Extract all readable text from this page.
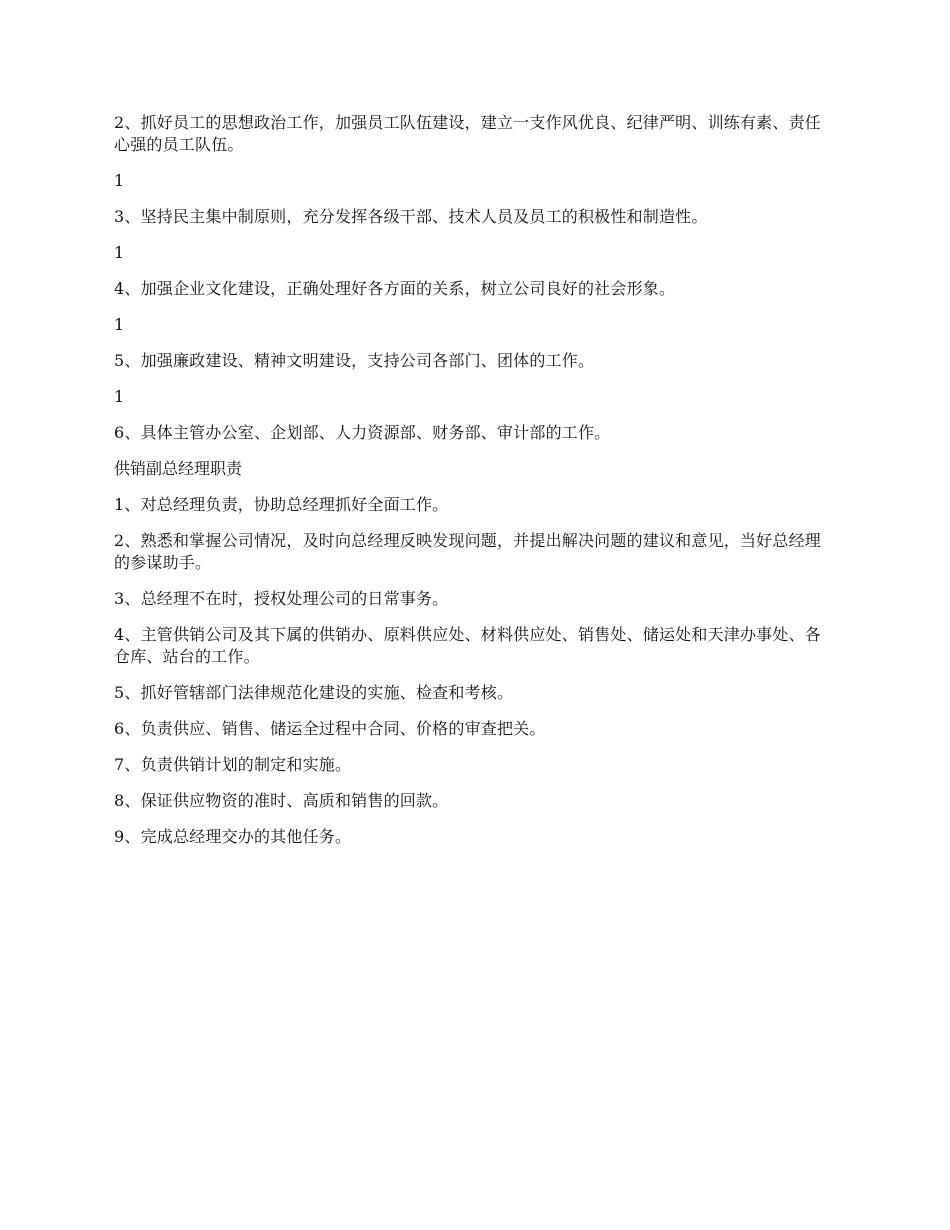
2、抓好员工的思想政治工作，加强员工队伍建设，建立一支作风优良、纪律严明、训练有素、责任心强的员工队伍。

1

3、坚持民主集中制原则，充分发挥各级干部、技术人员及员工的积极性和制造性。

1

4、加强企业文化建设，正确处理好各方面的关系，树立公司良好的社会形象。

1

5、加强廉政建设、精神文明建设，支持公司各部门、团体的工作。

1

6、具体主管办公室、企划部、人力资源部、财务部、审计部的工作。

供销副总经理职责

1、对总经理负责，协助总经理抓好全面工作。

2、熟悉和掌握公司情况，及时向总经理反映发现问题，并提出解决问题的建议和意见，当好总经理的参谋助手。

3、总经理不在时，授权处理公司的日常事务。

4、主管供销公司及其下属的供销办、原料供应处、材料供应处、销售处、储运处和天津办事处、各仓库、站台的工作。

5、抓好管辖部门法律规范化建设的实施、检查和考核。

6、负责供应、销售、储运全过程中合同、价格的审查把关。

7、负责供销计划的制定和实施。

8、保证供应物资的准时、高质和销售的回款。

9、完成总经理交办的其他任务。
